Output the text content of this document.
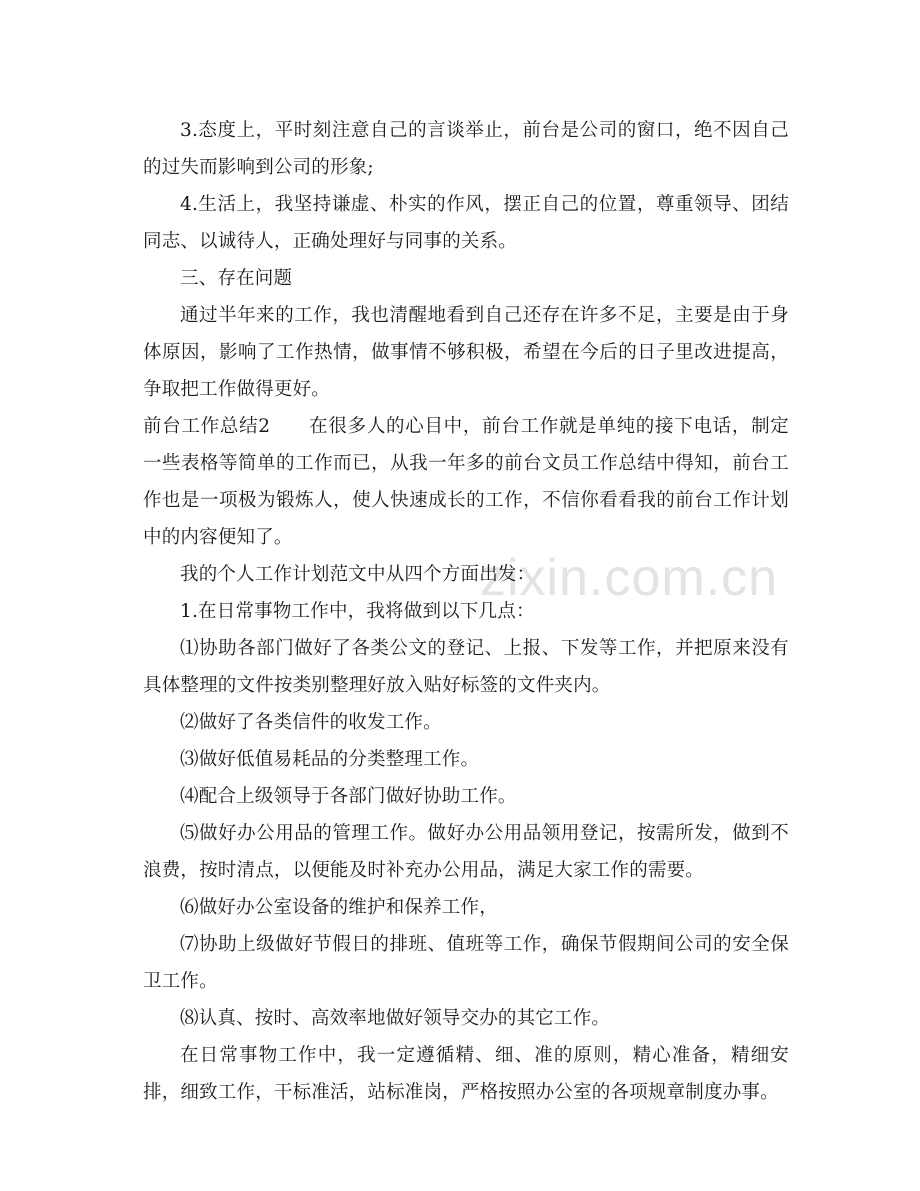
zixin.com.cn

3.态度上，平时刻注意自己的言谈举止，前台是公司的窗口，绝不因自己的过失而影响到公司的形象;

4.生活上，我坚持谦虚、朴实的作风，摆正自己的位置，尊重领导、团结同志、以诚待人，正确处理好与同事的关系。

三、存在问题

通过半年来的工作，我也清醒地看到自己还存在许多不足，主要是由于身体原因，影响了工作热情，做事情不够积极，希望在今后的日子里改进提高，争取把工作做得更好。

前台工作总结2　　在很多人的心目中，前台工作就是单纯的接下电话，制定一些表格等简单的工作而已，从我一年多的前台文员工作总结中得知，前台工作也是一项极为锻炼人，使人快速成长的工作，不信你看看我的前台工作计划中的内容便知了。

我的个人工作计划范文中从四个方面出发：

1.在日常事物工作中，我将做到以下几点：

⑴协助各部门做好了各类公文的登记、上报、下发等工作，并把原来没有具体整理的文件按类别整理好放入贴好标签的文件夹内。

⑵做好了各类信件的收发工作。

⑶做好低值易耗品的分类整理工作。

⑷配合上级领导于各部门做好协助工作。

⑸做好办公用品的管理工作。做好办公用品领用登记，按需所发，做到不浪费，按时清点，以便能及时补充办公用品，满足大家工作的需要。

⑹做好办公室设备的维护和保养工作，

⑺协助上级做好节假日的排班、值班等工作，确保节假期间公司的安全保卫工作。

⑻认真、按时、高效率地做好领导交办的其它工作。

在日常事物工作中，我一定遵循精、细、准的原则，精心准备，精细安排，细致工作，干标准活，站标准岗，严格按照办公室的各项规章制度办事。
